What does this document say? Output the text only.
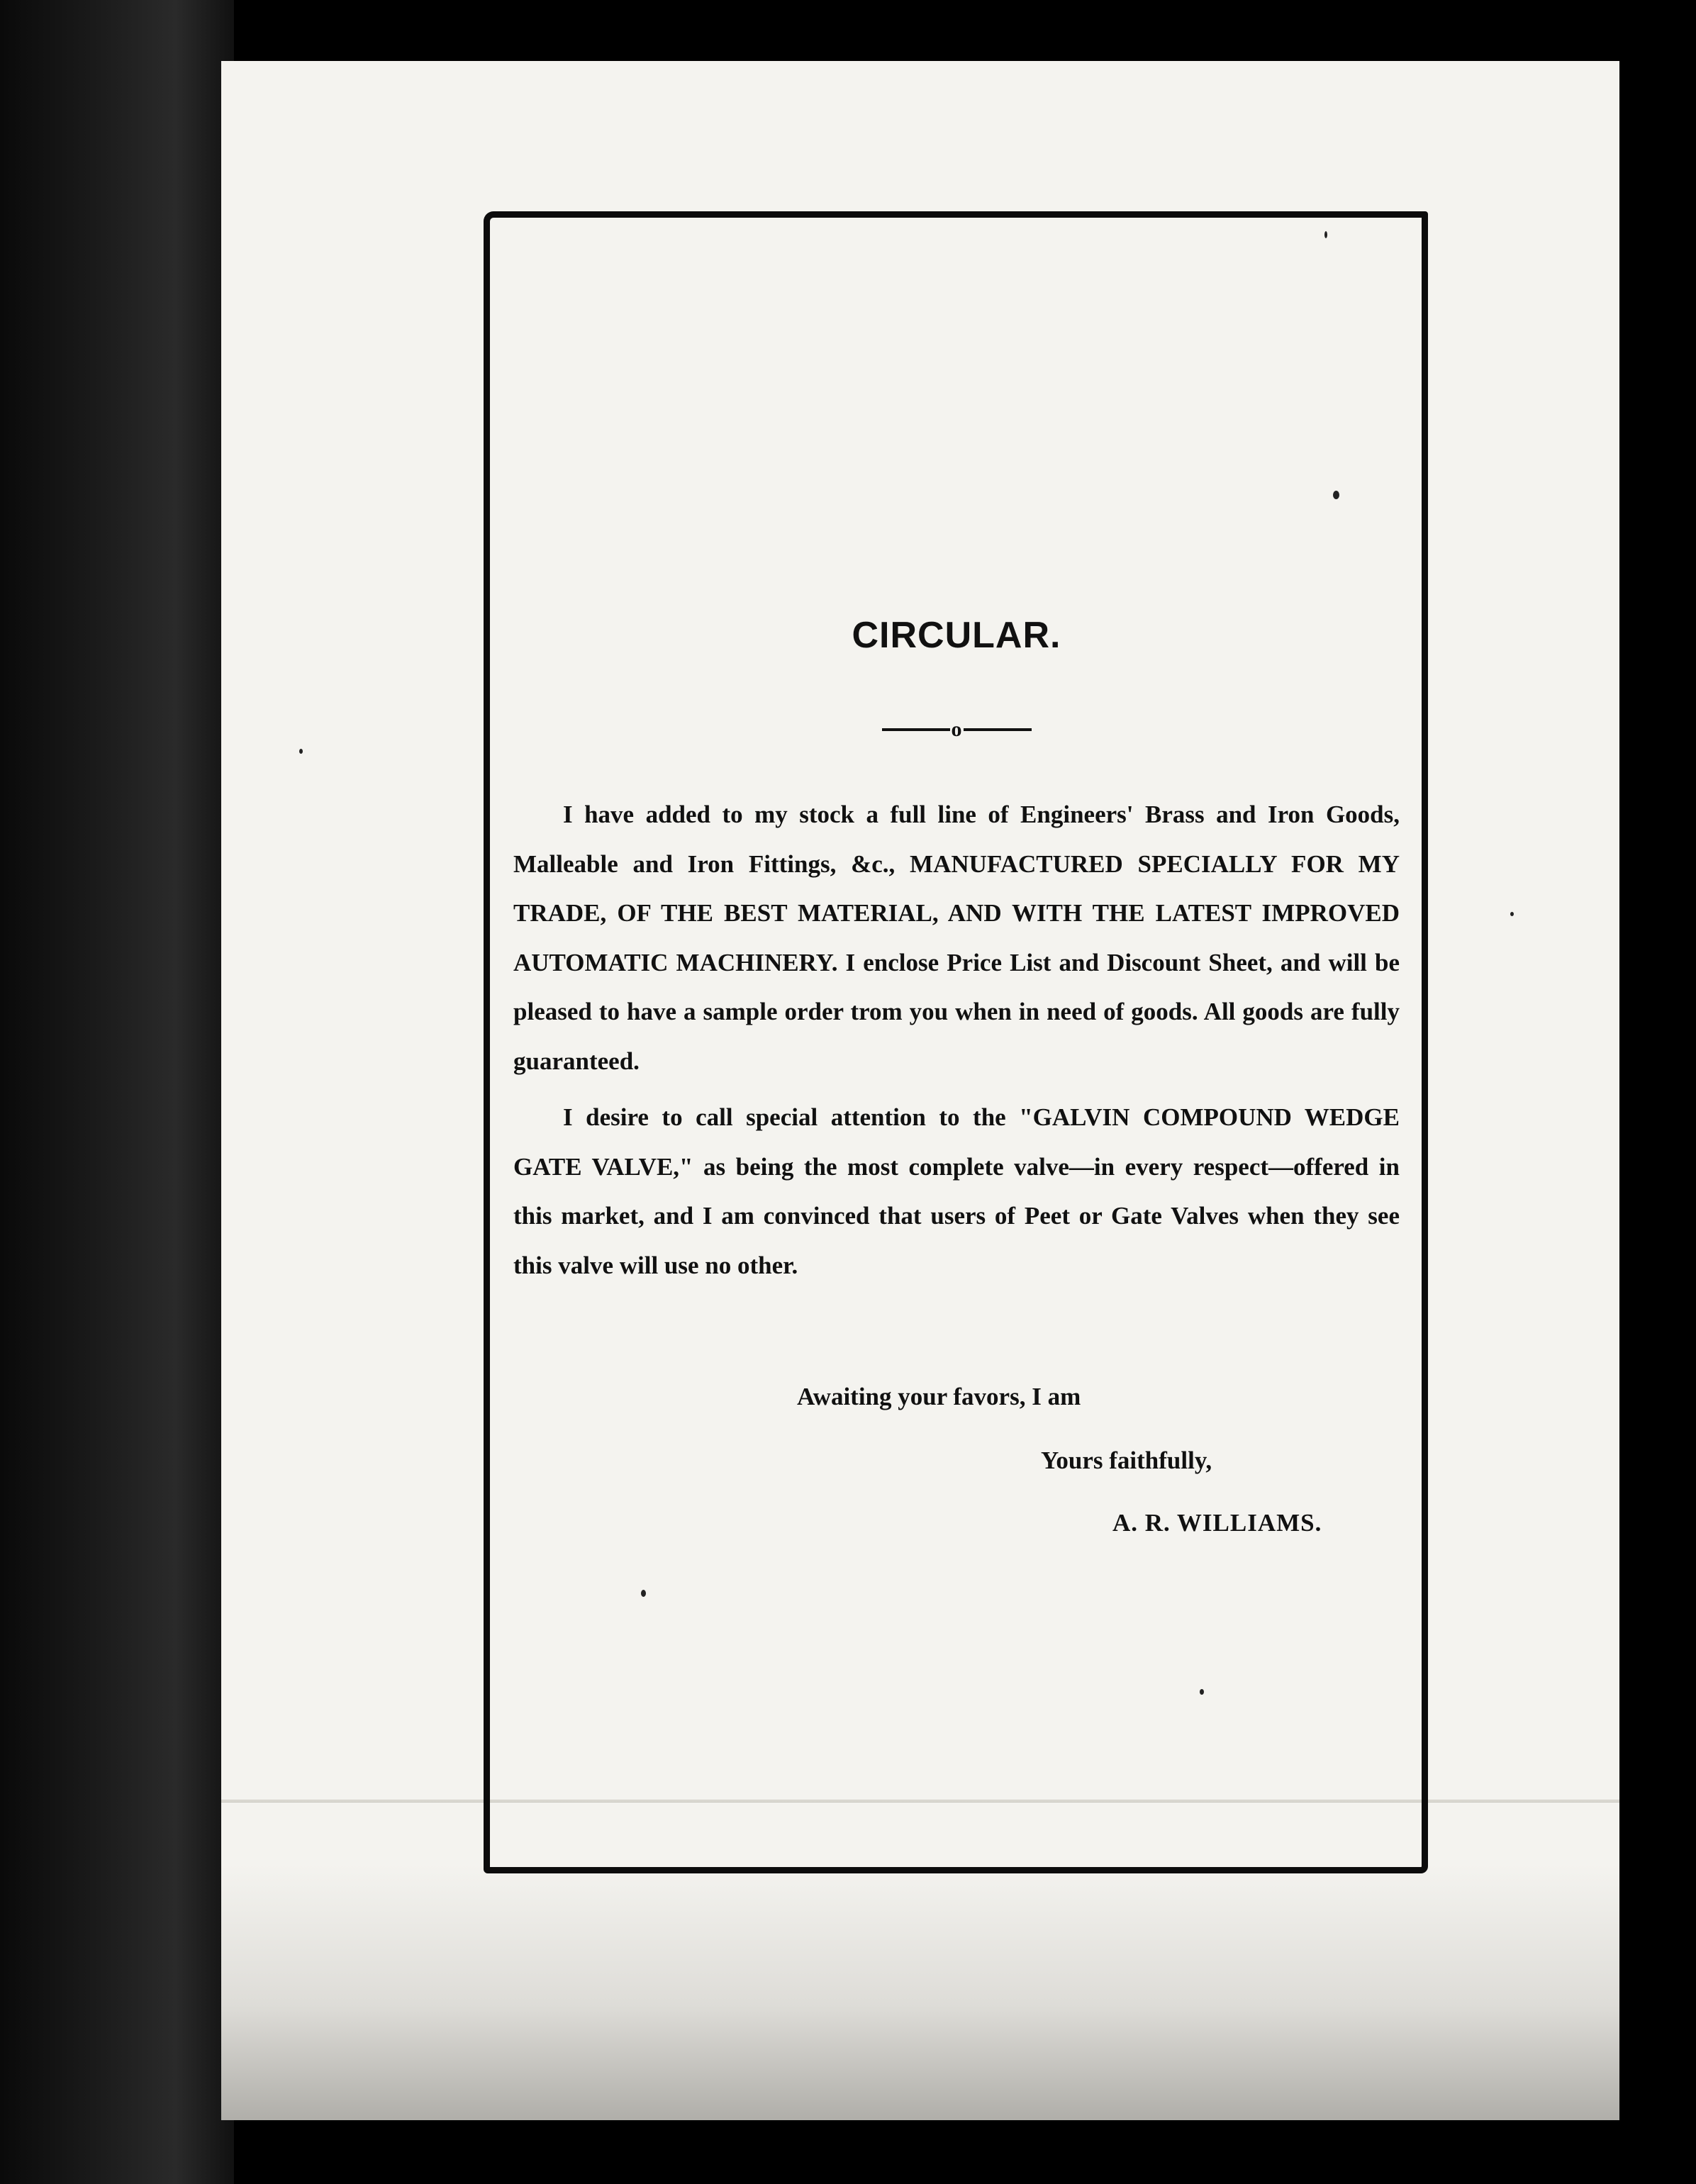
CIRCULAR.
o

I have added to my stock a full line of Engineers' Brass and Iron Goods, Malleable and Iron Fittings, &c., MANUFACTURED SPECIALLY FOR MY TRADE, OF THE BEST MATERIAL, AND WITH THE LATEST IMPROVED AUTOMATIC MACHINERY. I enclose Price List and Discount Sheet, and will be pleased to have a sample order trom you when in need of goods. All goods are fully guaranteed.

I desire to call special attention to the "GALVIN COMPOUND WEDGE GATE VALVE," as being the most complete valve—in every respect—offered in this market, and I am convinced that users of Peet or Gate Valves when they see this valve will use no other.

Awaiting your favors, I am
Yours faithfully,
A. R. WILLIAMS.
